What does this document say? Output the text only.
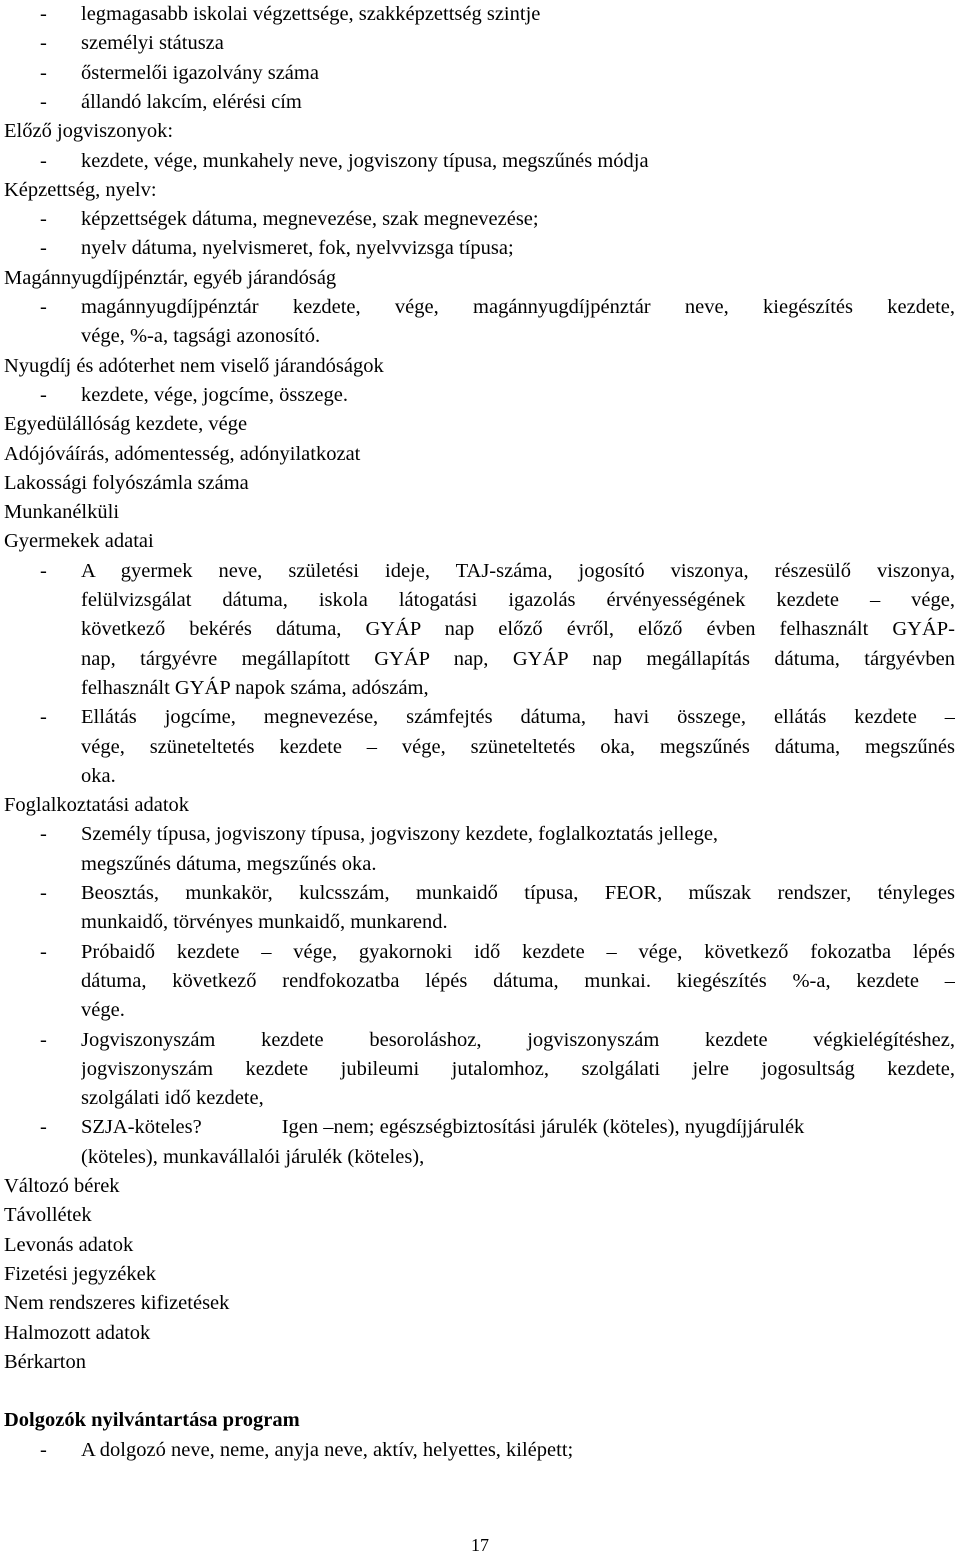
- legmagasabb iskolai végzettsége, szakképzettség szintje
- személyi státusza
- őstermelői igazolvány száma
- állandó lakcím, elérési cím
Előző jogviszonyok:
- kezdete, vége, munkahely neve, jogviszony típusa, megszűnés módja
Képzettség, nyelv:
- képzettségek dátuma, megnevezése, szak megnevezése;
- nyelv dátuma, nyelvismeret, fok, nyelvvizsga típusa;
Magánnyugdíjpénztár, egyéb járandóság
- magánnyugdíjpénztár kezdete, vége, magánnyugdíjpénztár neve, kiegészítés kezdete,
vége, %-a, tagsági azonosító.
Nyugdíj és adóterhet nem viselő járandóságok
- kezdete, vége, jogcíme, összege.
Egyedülállóság kezdete, vége
Adójóváírás, adómentesség, adónyilatkozat
Lakossági folyószámla száma
Munkanélküli
Gyermekek adatai
- A gyermek neve, születési ideje, TAJ-száma, jogosító viszonya, részesülő viszonya,
felülvizsgálat dátuma, iskola látogatási igazolás érvényességének kezdete – vége,
következő bekérés dátuma, GYÁP nap előző évről, előző évben felhasznált GYÁP-
nap, tárgyévre megállapított GYÁP nap, GYÁP nap megállapítás dátuma, tárgyévben
felhasznált GYÁP napok száma, adószám,
- Ellátás jogcíme, megnevezése, számfejtés dátuma, havi összege, ellátás kezdete –
vége, szüneteltetés kezdete – vége, szüneteltetés oka, megszűnés dátuma, megszűnés
oka.
Foglalkoztatási adatok
- Személy típusa, jogviszony típusa, jogviszony kezdete, foglalkoztatás jellege,
megszűnés dátuma, megszűnés oka.
- Beosztás, munkakör, kulcsszám, munkaidő típusa, FEOR, műszak rendszer, tényleges
munkaidő, törvényes munkaidő, munkarend.
- Próbaidő kezdete – vége, gyakornoki idő kezdete – vége, következő fokozatba lépés
dátuma, következő rendfokozatba lépés dátuma, munkai. kiegészítés %-a, kezdete –
vége.
- Jogviszonyszám kezdete besoroláshoz, jogviszonyszám kezdete végkielégítéshez,
jogviszonyszám kezdete jubileumi jutalomhoz, szolgálati jelre jogosultság kezdete,
szolgálati idő kezdete,
- SZJA-köteles?	Igen –nem; egészségbiztosítási járulék (köteles), nyugdíjjárulék
(köteles), munkavállalói járulék (köteles),
Változó bérek
Távollétek
Levonás adatok
Fizetési jegyzékek
Nem rendszeres kifizetések
Halmozott adatok
Bérkarton
Dolgozók nyilvántartása program
- A dolgozó neve, neme, anyja neve, aktív, helyettes, kilépett;
17
